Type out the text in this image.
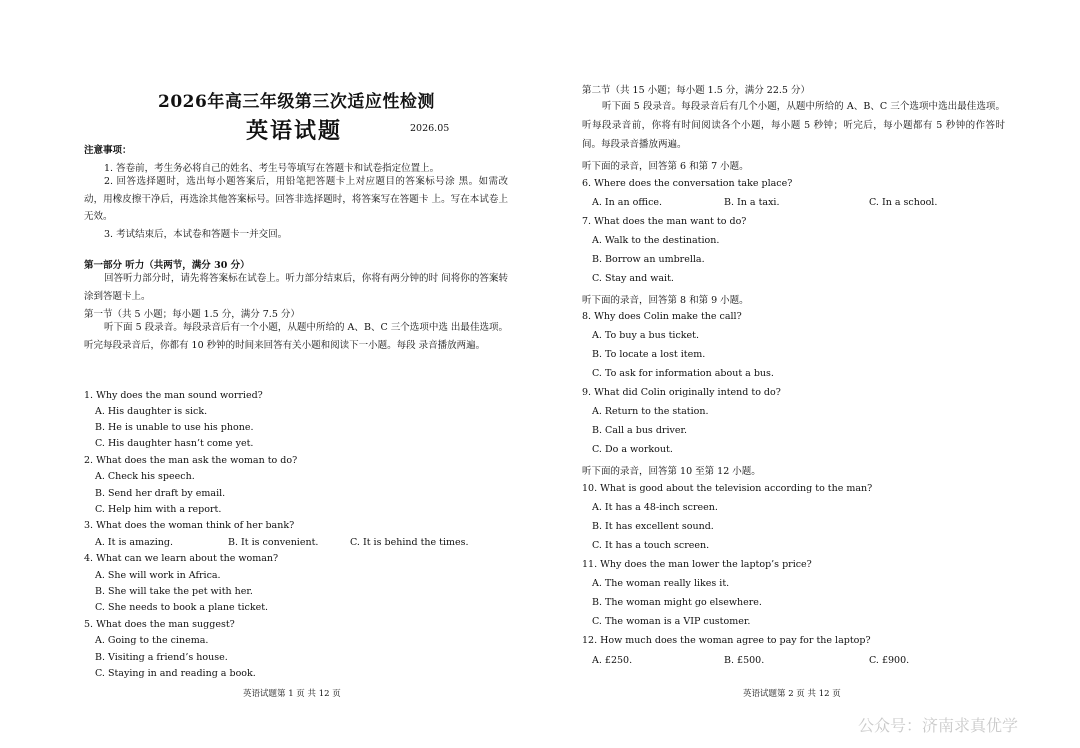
2026年高三年级第三次适应性检测
英语试题	2026.05
注意事项：
1. 答卷前，考生务必将自己的姓名、考生号等填写在答题卡和试卷指定位置上。
2. 回答选择题时，选出每小题答案后，用铅笔把答题卡上对应题目的答案标号涂 黑。如需改动，用橡皮擦干净后，再选涂其他答案标号。回答非选择题时，将答案写在答题卡 上。写在本试卷上无效。
3. 考试结束后，本试卷和答题卡一并交回。
第一部分 听力（共两节，满分 30 分）
回答听力部分时，请先将答案标在试卷上。听力部分结束后，你将有两分钟的时 间将你的答案转涂到答题卡上。
第一节（共 5 小题；每小题 1.5 分，满分 7.5 分）
听下面 5 段录音。每段录音后有一个小题，从题中所给的 A、B、C 三个选项中选 出最佳选项。听完每段录音后，你都有 10 秒钟的时间来回答有关小题和阅读下一小题。每段 录音播放两遍。
1. Why does the man sound worried?
A. His daughter is sick.
B. He is unable to use his phone.
C. His daughter hasn’t come yet.
2. What does the man ask the woman to do?
A. Check his speech.
B. Send her draft by email.
C. Help him with a report.
3. What does the woman think of her bank?
A. It is amazing.	B. It is convenient.	C. It is behind the times.
4. What can we learn about the woman?
A. She will work in Africa.
B. She will take the pet with her.
C. She needs to book a plane ticket.
5. What does the man suggest?
A. Going to the cinema.
B. Visiting a friend’s house.
C. Staying in and reading a book.
英语试题第 1 页 共 12 页
第二节（共 15 小题；每小题 1.5 分，满分 22.5 分）
听下面 5 段录音。每段录音后有几个小题，从题中所给的 A、B、C 三个选项中选出最佳选项。听每段录音前，你将有时间阅读各个小题，每小题 5 秒钟；听完后，每小题都有 5 秒钟的作答时间。每段录音播放两遍。
听下面的录音，回答第 6 和第 7 小题。
6. Where does the conversation take place?
A. In an office.	B. In a taxi.	C. In a school.
7. What does the man want to do?
A. Walk to the destination.
B. Borrow an umbrella.
C. Stay and wait.
听下面的录音，回答第 8 和第 9 小题。
8. Why does Colin make the call?
A. To buy a bus ticket.
B. To locate a lost item.
C. To ask for information about a bus.
9. What did Colin originally intend to do?
A. Return to the station.
B. Call a bus driver.
C. Do a workout.
听下面的录音，回答第 10 至第 12 小题。
10. What is good about the television according to the man?
A. It has a 48-inch screen.
B. It has excellent sound.
C. It has a touch screen.
11. Why does the man lower the laptop’s price?
A. The woman really likes it.
B. The woman might go elsewhere.
C. The woman is a VIP customer.
12. How much does the woman agree to pay for the laptop?
A. £250.	B. £500.	C. £900.
英语试题第 2 页 共 12 页
公众号：济南求真优学
